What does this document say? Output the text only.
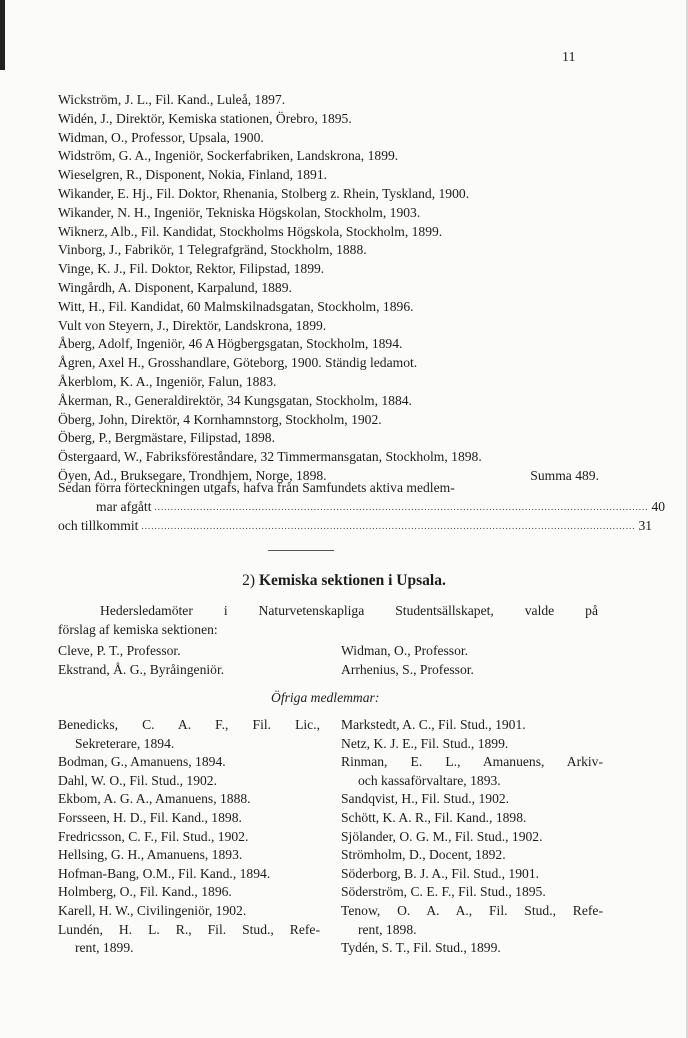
11
Wickström, J. L., Fil. Kand., Luleå, 1897.
Widén, J., Direktör, Kemiska stationen, Örebro, 1895.
Widman, O., Professor, Upsala, 1900.
Widström, G. A., Ingeniör, Sockerfabriken, Landskrona, 1899.
Wieselgren, R., Disponent, Nokia, Finland, 1891.
Wikander, E. Hj., Fil. Doktor, Rhenania, Stolberg z. Rhein, Tyskland, 1900.
Wikander, N. H., Ingeniör, Tekniska Högskolan, Stockholm, 1903.
Wiknerz, Alb., Fil. Kandidat, Stockholms Högskola, Stockholm, 1899.
Vinborg, J., Fabrikör, 1 Telegrafgränd, Stockholm, 1888.
Vinge, K. J., Fil. Doktor, Rektor, Filipstad, 1899.
Wingårdh, A. Disponent, Karpalund, 1889.
Witt, H., Fil. Kandidat, 60 Malmskilnadsgatan, Stockholm, 1896.
Vult von Steyern, J., Direktör, Landskrona, 1899.
Åberg, Adolf, Ingeniör, 46 A Högbergsgatan, Stockholm, 1894.
Ågren, Axel H., Grosshandlare, Göteborg, 1900. Ständig ledamot.
Åkerblom, K. A., Ingeniör, Falun, 1883.
Åkerman, R., Generaldirektör, 34 Kungsgatan, Stockholm, 1884.
Öberg, John, Direktör, 4 Kornhamnstorg, Stockholm, 1902.
Öberg, P., Bergmästare, Filipstad, 1898.
Östergaard, W., Fabriksföreståndare, 32 Timmermansgatan, Stockholm, 1898.
Öyen, Ad., Bruksegare, Trondhjem, Norge, 1898.	Summa 489.
Sedan förra förteckningen utgafs, hafva från Samfundets aktiva medlem-
mar afgått ........................................................................................................................................................ 40
och tillkommit ........................................................................................................................................................ 31
2) Kemiska sektionen i Upsala.
Hedersledamöter i Naturvetenskapliga Studentsällskapet, valde på
förslag af kemiska sektionen:
Cleve, P. T., Professor.
Ekstrand, Å. G., Byråingeniör.
Widman, O., Professor.
Arrhenius, S., Professor.
Öfriga medlemmar:
Benedicks, C. A. F., Fil. Lic.,
Sekreterare, 1894.
Bodman, G., Amanuens, 1894.
Dahl, W. O., Fil. Stud., 1902.
Ekbom, A. G. A., Amanuens, 1888.
Forsseen, H. D., Fil. Kand., 1898.
Fredricsson, C. F., Fil. Stud., 1902.
Hellsing, G. H., Amanuens, 1893.
Hofman-Bang, O.M., Fil. Kand., 1894.
Holmberg, O., Fil. Kand., 1896.
Karell, H. W., Civilingeniör, 1902.
Lundén, H. L. R., Fil. Stud., Refe-
rent, 1899.
Markstedt, A. C., Fil. Stud., 1901.
Netz, K. J. E., Fil. Stud., 1899.
Rinman, E. L., Amanuens, Arkiv-
och kassaförvaltare, 1893.
Sandqvist, H., Fil. Stud., 1902.
Schött, K. A. R., Fil. Kand., 1898.
Sjölander, O. G. M., Fil. Stud., 1902.
Strömholm, D., Docent, 1892.
Söderborg, B. J. A., Fil. Stud., 1901.
Söderström, C. E. F., Fil. Stud., 1895.
Tenow, O. A. A., Fil. Stud., Refe-
rent, 1898.
Tydén, S. T., Fil. Stud., 1899.
